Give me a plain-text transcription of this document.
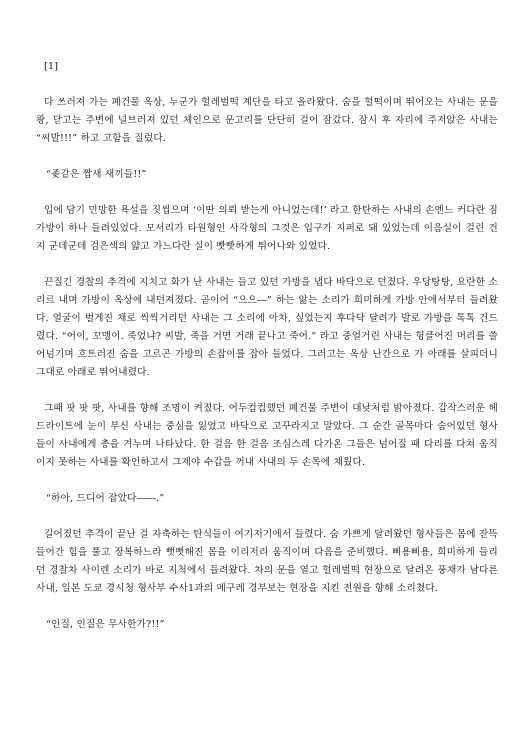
[1]

다 쓰러져 가는 폐건물 옥상, 누군가 헐레벌떡 계단을 타고 올라왔다. 숨을 헐떡이며 뛰어오는 사내는 문을 쾅, 닫고는 주변에 널브러져 있던 체인으로 문고리를 단단히 걸어 잠갔다. 잠시 후 자리에 주저앉은 사내는 “씨발!!!” 하고 고함을 질렀다.

“좆같은 짭새 새끼들!!”

입에 담기 민망한 욕설을 짓씹으며 ‘이딴 의뢰 받는게 아니었는데!’ 라고 한탄하는 사내의 손엔느 커다란 짐가방이 하나 들려있었다. 모서리가 타원형인 사각형의 그것은 입구가 지퍼로 돼 있었는데 이음실이 걸린 건지 군데군데 검은색의 얇고 가느다란 실이 빳빳하게 튀어나와 있었다.

끈질긴 경찰의 추격에 지치고 화가 난 사내는 들고 있던 가방을 냅다 바닥으로 던졌다. 우당탕탕, 요란한 소리르 내며 가방이 옥상에 내던져졌다. 곧이어 “으으―” 하는 앓는 소리가 희미하게 가방 안에서부터 들려왔다. 얼굴이 벌게진 채로 씩씩거리던 사내는 그 소리에 아차, 싶었는지 후다닥 달려가 발로 가방을 톡톡 건드렸다. “어이, 꼬맹이. 죽었냐? 씨발, 죽을 거면 거래 끝나고 죽어.” 라고 중얼거린 사내는 헝클어진 머리를 쓸어넘기며 흐트러진 숨을 고르곤 가방의 손잡이를 잡아 들었다. 그러고는 옥상 난간으로 가 아래를 살피더니 그대로 아래로 뛰어내렸다.

그때 팟 팟 팟, 사내를 향해 조명이 켜졌다. 어두컴컴했던 폐건물 주변이 대낮처럼 밝아졌다. 갑작스러운 헤드라이트에 눈이 부신 사내는 중심을 잃었고 바닥으로 고꾸라지고 말았다. 그 순간 골목마다 숨어있던 형사들이 사내에게 총을 겨누며 나타났다. 한 걸음 한 걸음 조심스레 다가온 그들은 넘어질 때 다리를 다쳐 움직이지 못하는 사내를 확인하고서 그제야 수갑을 꺼내 사내의 두 손목에 채웠다.

“하아, 드디어 잡았다――.”

길어졌던 추격이 끝난 걸 자축하는 탄식들이 여기저기에서 들렸다. 숨 가쁘게 달려왔던 형사들은 몸에 잔뜩 들어간 힘을 풀고 장복하느라 뻣뻣해진 몸을 이리저리 움직이며 다음을 준비했다. 삐용삐용, 희미하게 들리던 경찰차 사이렌 소리가 바로 지척에서 들려왔다. 차의 문을 열고 헐레벌떡 현장으로 달려온 풍채가 남다른 사내, 일본 도쿄 경시청 형사부 수사1과의 메구레 경부보는 현장을 지킨 전원을 향해 소리쳤다.

“인질, 인질은 무사한가?!!”
